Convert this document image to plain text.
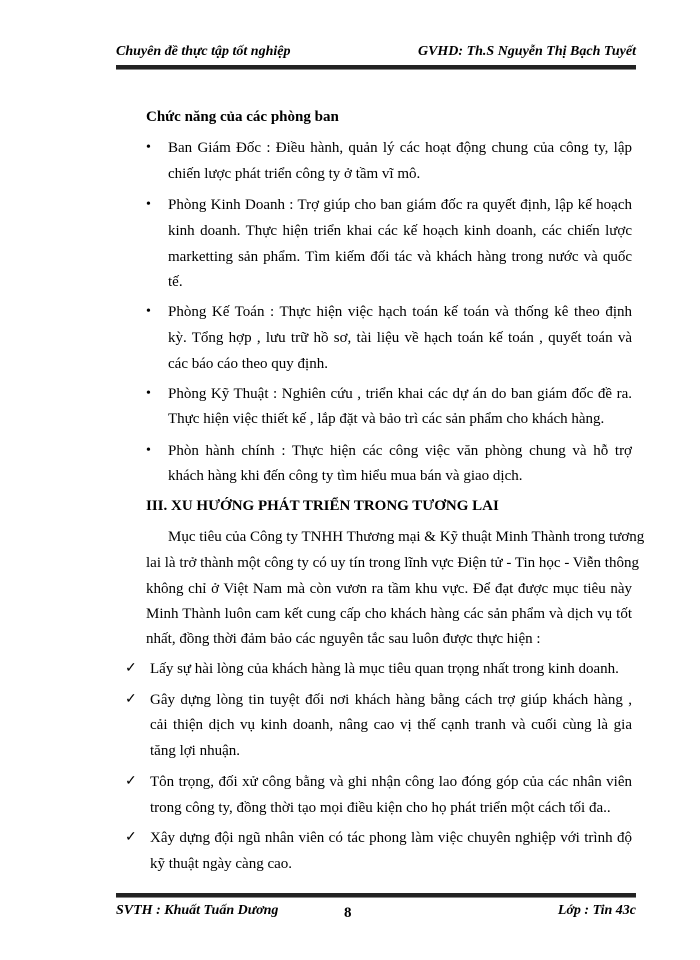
Chuyên đề thực tập tốt nghiệp	GVHD: Th.S Nguyễn Thị Bạch Tuyết
Chức năng của các phòng ban
• Ban Giám Đốc : Điều hành, quản lý các hoạt động chung của công ty, lập
chiến lược phát triển công ty ở tầm vĩ mô.
• Phòng Kinh Doanh : Trợ giúp cho ban giám đốc ra quyết định, lập kế hoạch
kinh doanh. Thực hiện triển khai các kế hoạch kinh doanh, các chiến lược
marketting sản phẩm. Tìm kiếm đối tác và khách hàng trong nước và quốc
tế.
• Phòng Kế Toán : Thực hiện việc hạch toán kế toán và thống kê theo định
kỳ. Tổng hợp , lưu trữ hồ sơ, tài liệu về hạch toán kế toán , quyết toán và
các báo cáo theo quy định.
• Phòng Kỹ Thuật : Nghiên cứu , triển khai các dự án do ban giám đốc đề ra.
Thực hiện việc thiết kế , lắp đặt và bảo trì các sản phẩm cho khách hàng.
• Phòn hành chính : Thực hiện các công việc văn phòng chung và hỗ trợ
khách hàng khi đến công ty tìm hiểu mua bán và giao dịch.
III. XU HƯỚNG PHÁT TRIỂN TRONG TƯƠNG LAI
Mục tiêu của Công ty TNHH Thương mại & Kỹ thuật Minh Thành trong tương
lai là trở thành một công ty có uy tín trong lĩnh vực Điện tử - Tin học - Viễn thông
không chỉ ở Việt Nam mà còn vươn ra tầm khu vực. Để đạt được mục tiêu này
Minh Thành luôn cam kết cung cấp cho khách hàng các sản phẩm và dịch vụ tốt
nhất, đồng thời đảm bảo các nguyên tắc sau luôn được thực hiện :
✓ Lấy sự hài lòng của khách hàng là mục tiêu quan trọng nhất trong kinh doanh.
✓ Gây dựng lòng tin tuyệt đối nơi khách hàng bằng cách trợ giúp khách hàng ,
cải thiện dịch vụ kinh doanh, nâng cao vị thế cạnh tranh và cuối cùng là gia
tăng lợi nhuận.
✓ Tôn trọng, đối xử công bằng và ghi nhận công lao đóng góp của các nhân viên
trong công ty, đồng thời tạo mọi điều kiện cho họ phát triển một cách tối đa..
✓ Xây dựng đội ngũ nhân viên có tác phong làm việc chuyên nghiệp với trình độ
kỹ thuật ngày càng cao.
SVTH : Khuất Tuấn Dương	8	Lớp : Tin 43c
